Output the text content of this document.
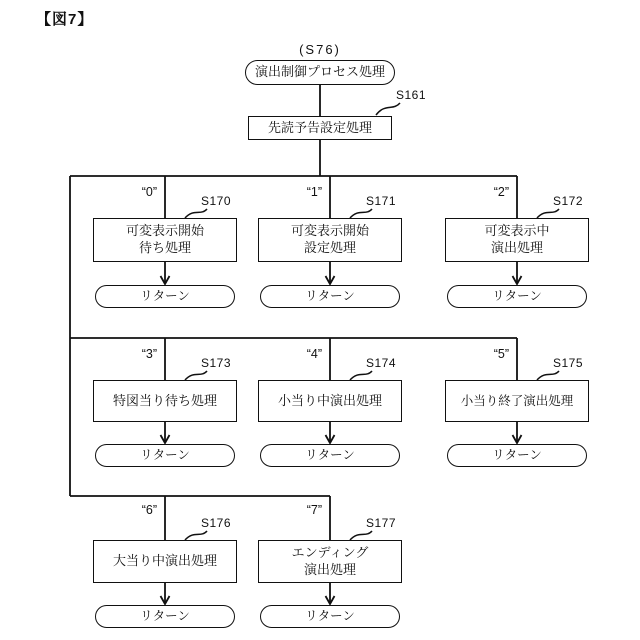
【図7】
(S76)
演出制御プロセス処理
S161
先読予告設定処理
“0”
S170
可変表示開始
待ち処理
リターン
“1”
S171
可変表示開始
設定処理
リターン
“2”
S172
可変表示中
演出処理
リターン
“3”
S173
特図当り待ち処理
リターン
“4”
S174
小当り中演出処理
リターン
“5”
S175
小当り終了演出処理
リターン
“6”
S176
大当り中演出処理
リターン
“7”
S177
エンディング
演出処理
リターン
